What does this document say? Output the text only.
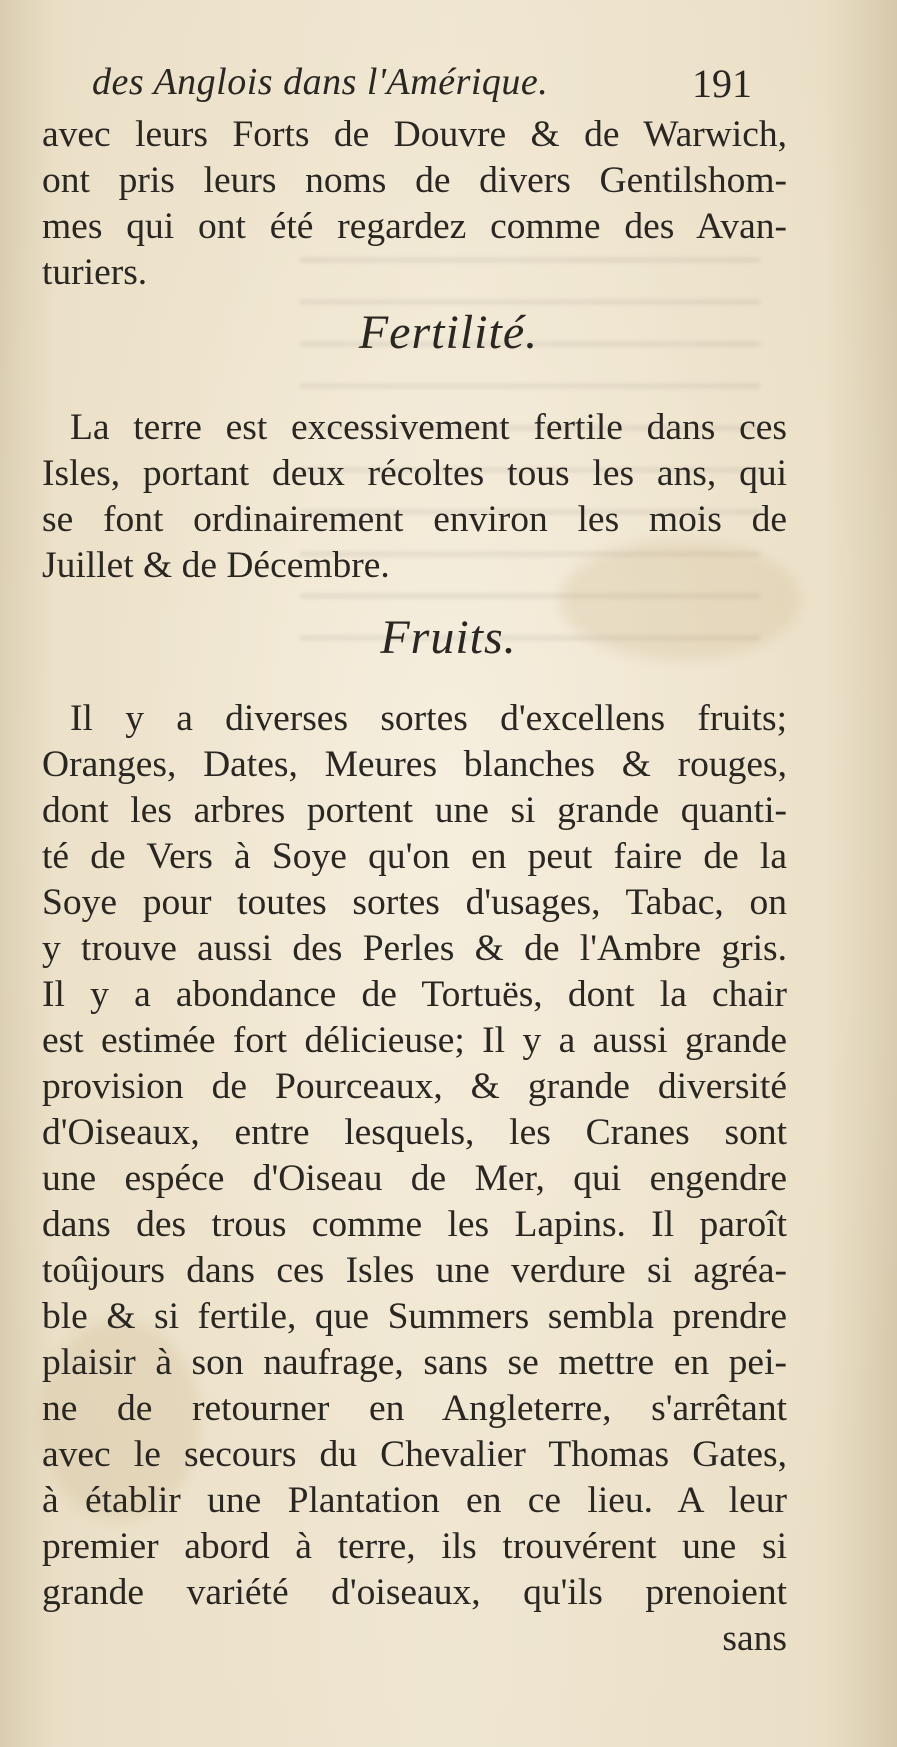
des Anglois dans l'Amérique.	191
avec leurs Forts de Douvre & de Warwich,
ont pris leurs noms de divers Gentilshom-
mes qui ont été regardez comme des Avan-
turiers.
Fertilité.
La terre est excessivement fertile dans ces
Isles, portant deux récoltes tous les ans, qui
se font ordinairement environ les mois de
Juillet & de Décembre.
Fruits.
Il y a diverses sortes d'excellens fruits;
Oranges, Dates, Meures blanches & rouges,
dont les arbres portent une si grande quanti-
té de Vers à Soye qu'on en peut faire de la
Soye pour toutes sortes d'usages, Tabac, on
y trouve aussi des Perles & de l'Ambre gris.
Il y a abondance de Tortuës, dont la chair
est estimée fort délicieuse; Il y a aussi grande
provision de Pourceaux, & grande diversité
d'Oiseaux, entre lesquels, les Cranes sont
une espéce d'Oiseau de Mer, qui engendre
dans des trous comme les Lapins. Il paroît
toûjours dans ces Isles une verdure si agréa-
ble & si fertile, que Summers sembla prendre
plaisir à son naufrage, sans se mettre en pei-
ne de retourner en Angleterre, s'arrêtant
avec le secours du Chevalier Thomas Gates,
à établir une Plantation en ce lieu. A leur
premier abord à terre, ils trouvérent une si
grande variété d'oiseaux, qu'ils prenoient
sans
